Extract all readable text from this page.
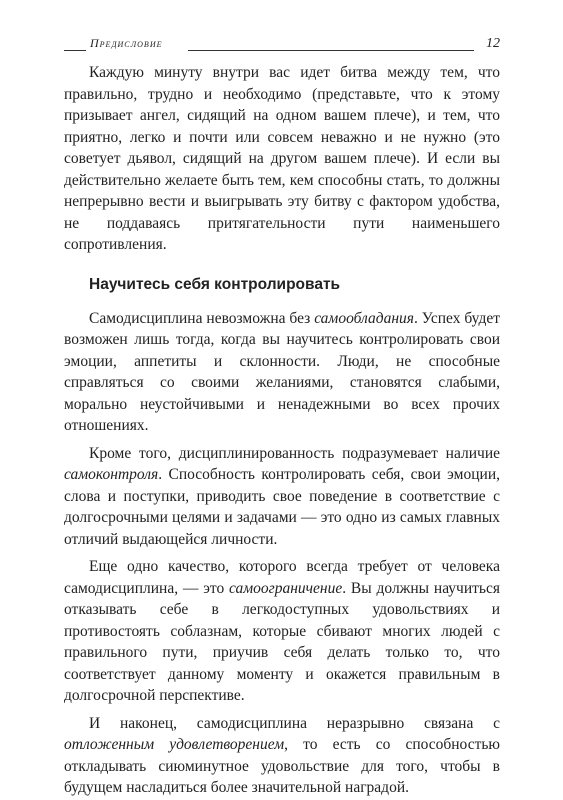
Предисловие	12

Каждую минуту внутри вас идет битва между тем, что правильно, трудно и необходимо (представьте, что к этому призывает ангел, сидящий на одном вашем плече), и тем, что приятно, легко и почти или совсем неважно и не нужно (это советует дьявол, сидящий на другом вашем плече). И если вы действительно желаете быть тем, кем способны стать, то должны непрерывно вести и выигрывать эту битву с фактором удобства, не поддаваясь притягательности пути наименьшего сопротивления.

Научитесь себя контролировать

Самодисциплина невозможна без самообладания. Успех будет возможен лишь тогда, когда вы научитесь контролировать свои эмоции, аппетиты и склонности. Люди, не способные справляться со своими желаниями, становятся слабыми, морально неустойчивыми и ненадежными во всех прочих отношениях.

Кроме того, дисциплинированность подразумевает наличие самоконтроля. Способность контролировать себя, свои эмоции, слова и поступки, приводить свое поведение в соответствие с долгосрочными целями и задачами — это одно из самых главных отличий выдающейся личности.

Еще одно качество, которого всегда требует от человека самодисциплина, — это самоограничение. Вы должны научиться отказывать себе в легкодоступных удовольствиях и противостоять соблазнам, которые сбивают многих людей с правильного пути, приучив себя делать только то, что соответствует данному моменту и окажется правильным в долгосрочной перспективе.

И наконец, самодисциплина неразрывно связана с отложенным удовлетворением, то есть со способностью откладывать сиюминутное удовольствие для того, чтобы в будущем насладиться более значительной наградой.
